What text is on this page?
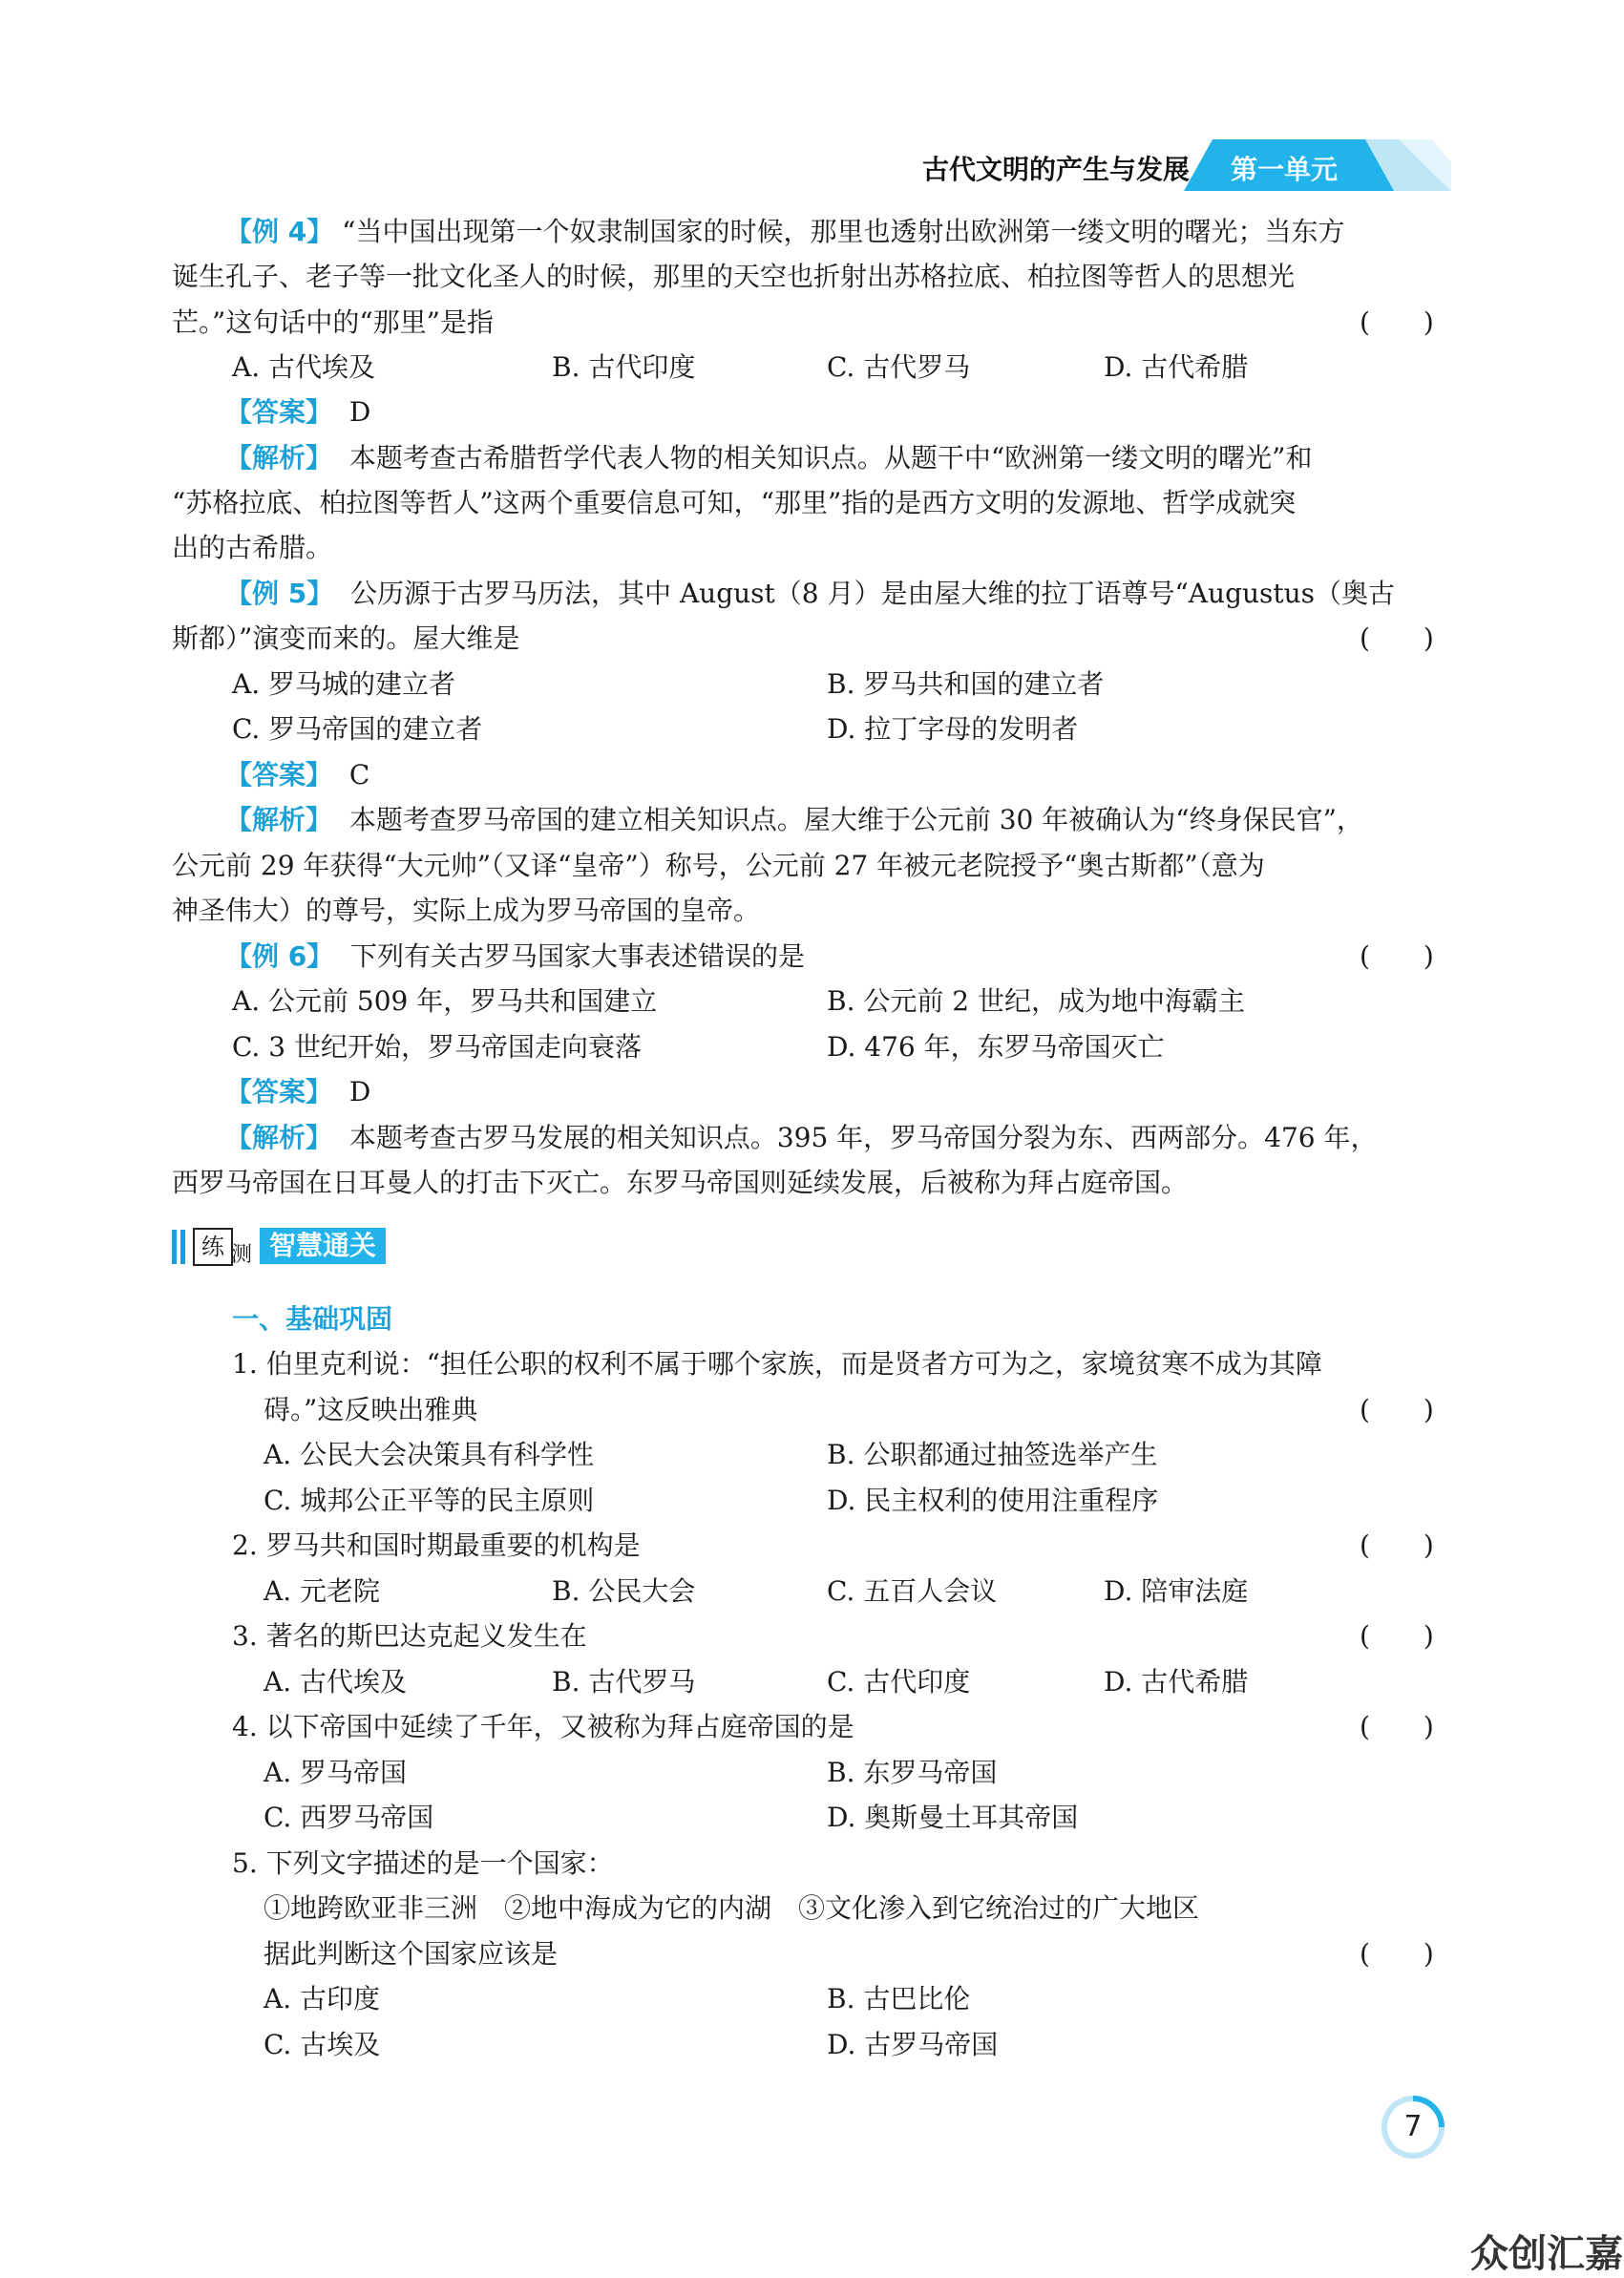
古代文明的产生与发展 第一单元
【例 4】 “当中国出现第一个奴隶制国家的时候，那里也透射出欧洲第一缕文明的曙光；当东方
诞生孔子、老子等一批文化圣人的时候，那里的天空也折射出苏格拉底、柏拉图等哲人的思想光
芒。”这句话中的“那里”是指	(　　)
A. 古代埃及	B. 古代印度	C. 古代罗马	D. 古代希腊
【答案】 D
【解析】 本题考查古希腊哲学代表人物的相关知识点。从题干中“欧洲第一缕文明的曙光”和
“苏格拉底、柏拉图等哲人”这两个重要信息可知，“那里”指的是西方文明的发源地、哲学成就突
出的古希腊。
【例 5】 公历源于古罗马历法，其中 August（8 月）是由屋大维的拉丁语尊号“Augustus（奥古
斯都）”演变而来的。屋大维是	(　　)
A. 罗马城的建立者	B. 罗马共和国的建立者
C. 罗马帝国的建立者	D. 拉丁字母的发明者
【答案】 C
【解析】 本题考查罗马帝国的建立相关知识点。屋大维于公元前 30 年被确认为“终身保民官”，
公元前 29 年获得“大元帅”（又译“皇帝”）称号，公元前 27 年被元老院授予“奥古斯都”（意为
神圣伟大）的尊号，实际上成为罗马帝国的皇帝。
【例 6】 下列有关古罗马国家大事表述错误的是	(　　)
A. 公元前 509 年，罗马共和国建立	B. 公元前 2 世纪，成为地中海霸主
C. 3 世纪开始，罗马帝国走向衰落	D. 476 年，东罗马帝国灭亡
【答案】 D
【解析】 本题考查古罗马发展的相关知识点。395 年，罗马帝国分裂为东、西两部分。476 年，
西罗马帝国在日耳曼人的打击下灭亡。东罗马帝国则延续发展，后被称为拜占庭帝国。
练 测 智慧通关
一、基础巩固
1. 伯里克利说：“担任公职的权利不属于哪个家族，而是贤者方可为之，家境贫寒不成为其障
碍。”这反映出雅典	(　　)
A. 公民大会决策具有科学性	B. 公职都通过抽签选举产生
C. 城邦公正平等的民主原则	D. 民主权利的使用注重程序
2. 罗马共和国时期最重要的机构是	(　　)
A. 元老院	B. 公民大会	C. 五百人会议	D. 陪审法庭
3. 著名的斯巴达克起义发生在	(　　)
A. 古代埃及	B. 古代罗马	C. 古代印度	D. 古代希腊
4. 以下帝国中延续了千年，又被称为拜占庭帝国的是	(　　)
A. 罗马帝国	B. 东罗马帝国
C. 西罗马帝国	D. 奥斯曼土耳其帝国
5. 下列文字描述的是一个国家：
①地跨欧亚非三洲　②地中海成为它的内湖　③文化渗入到它统治过的广大地区
据此判断这个国家应该是	(　　)
A. 古印度	B. 古巴比伦
C. 古埃及	D. 古罗马帝国
7
众创汇嘉
